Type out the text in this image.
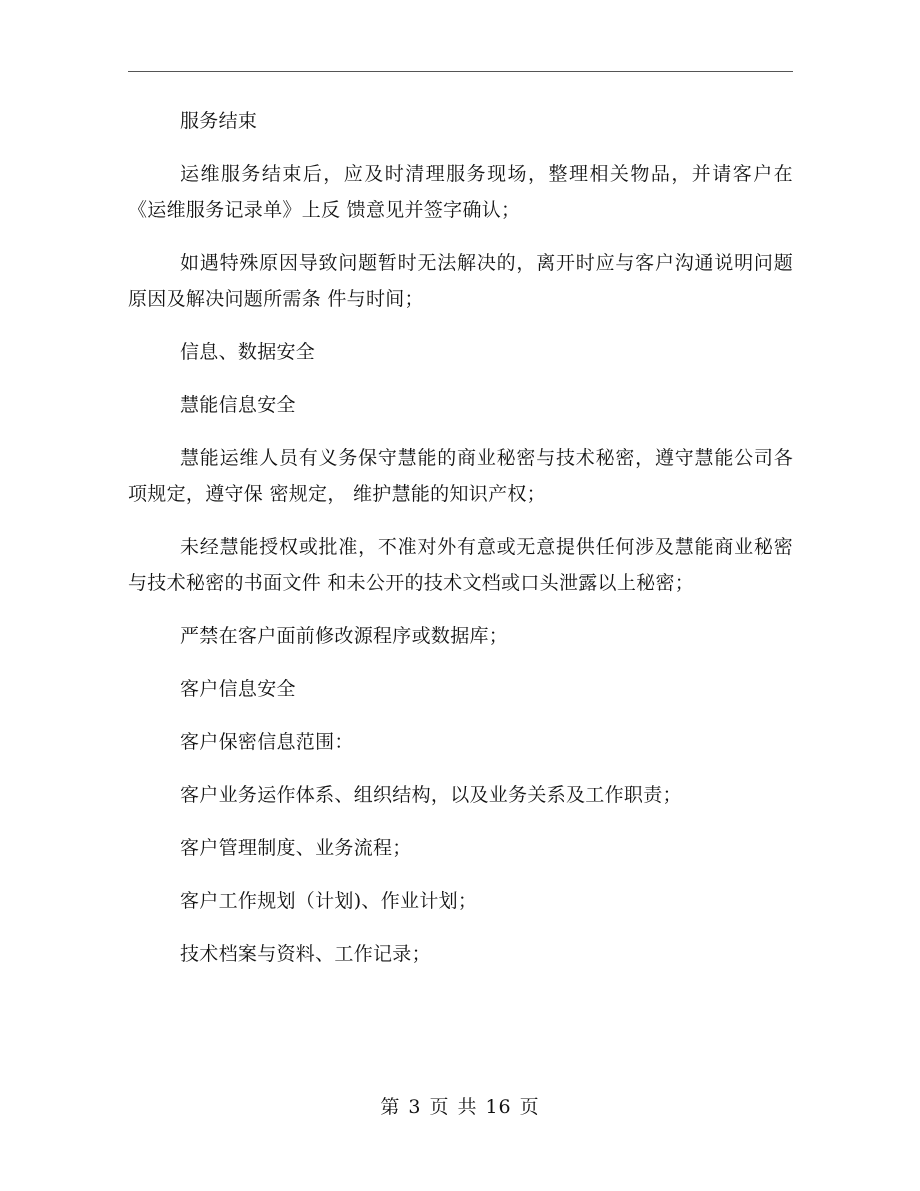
服务结束

运维服务结束后，应及时清理服务现场，整理相关物品，并请客户在《运维服务记录单》上反 馈意见并签字确认；

如遇特殊原因导致问题暂时无法解决的，离开时应与客户沟通说明问题原因及解决问题所需条 件与时间；

信息、数据安全

慧能信息安全

慧能运维人员有义务保守慧能的商业秘密与技术秘密，遵守慧能公司各项规定，遵守保 密规定， 维护慧能的知识产权；

未经慧能授权或批准，不准对外有意或无意提供任何涉及慧能商业秘密与技术秘密的书面文件 和未公开的技术文档或口头泄露以上秘密；

严禁在客户面前修改源程序或数据库；

客户信息安全

客户保密信息范围：

客户业务运作体系、组织结构，以及业务关系及工作职责；

客户管理制度、业务流程；

客户工作规划（计划)、作业计划；

技术档案与资料、工作记录；

第 3 页 共 16 页
